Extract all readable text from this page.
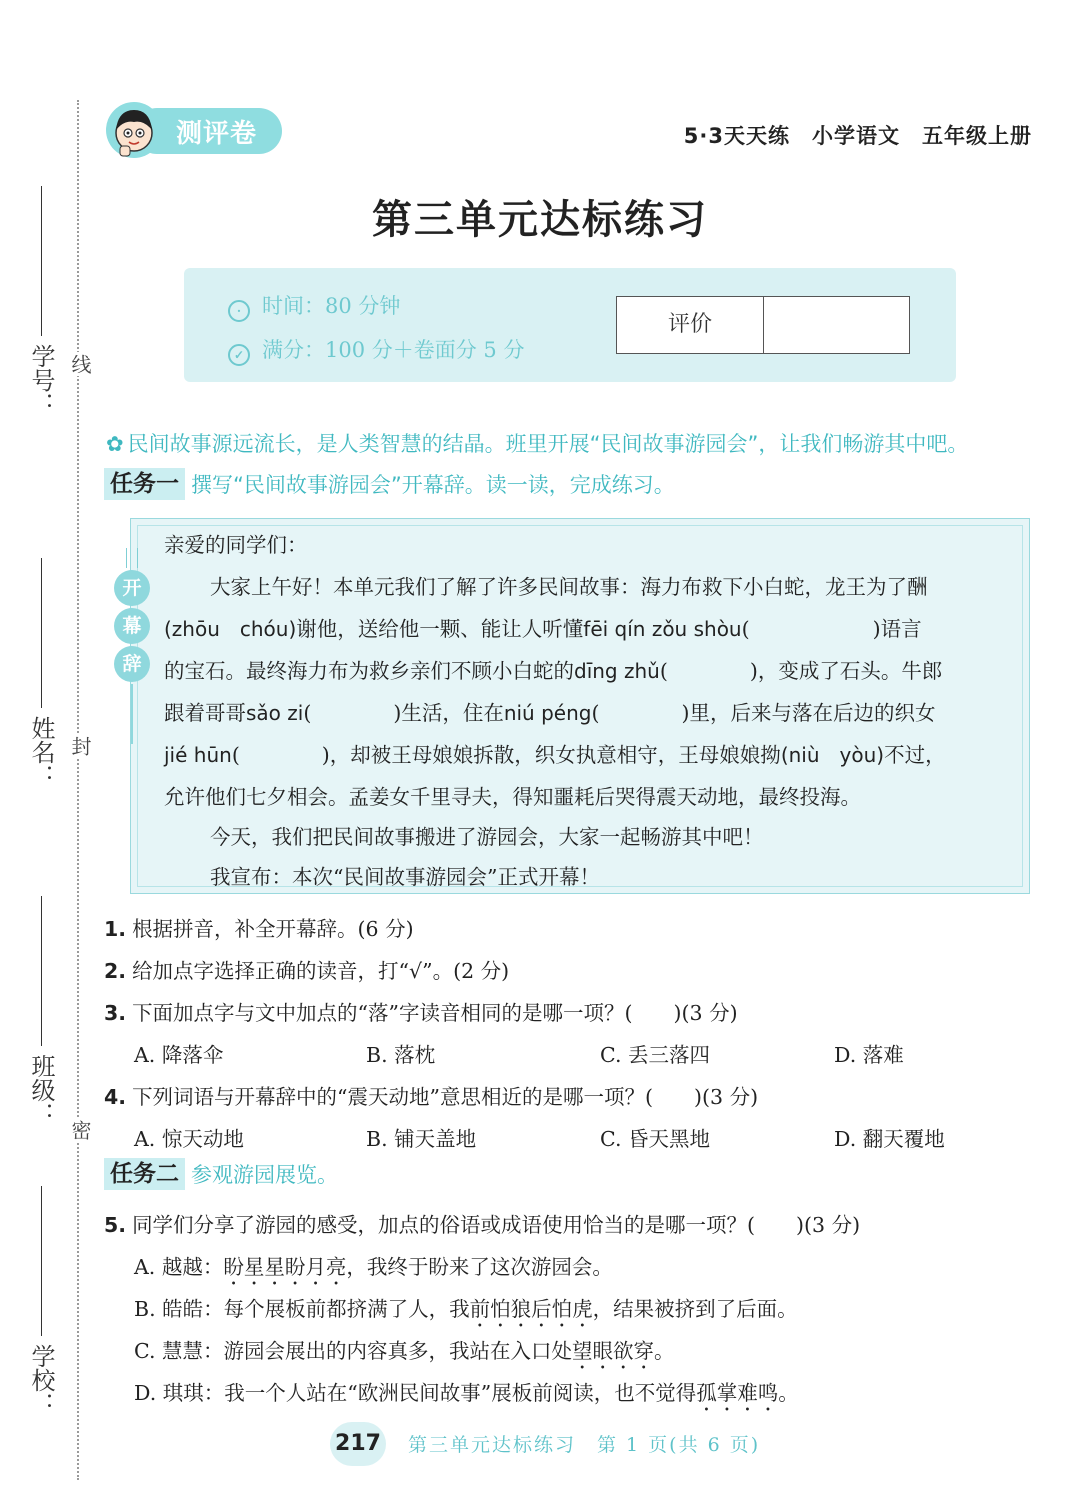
线
封
密
学号：
姓名：
班级：
学校：
测评卷	5·3天天练　小学语文　五年级上册
第三单元达标练习
· 时间：80 分钟
✓ 满分：100 分＋卷面分 5 分
评价
✿ 民间故事源远流长，是人类智慧的结晶。班里开展“民间故事游园会”，让我们畅游其中吧。
任务一 撰写“民间故事游园会”开幕辞。读一读，完成练习。
开
幕
辞
亲爱的同学们：
大家上午好！本单元我们了解了许多民间故事：海力布救下小白蛇，龙王为了酬
(zhōu　chóu)谢他，送给他一颗、能让人听懂fēi qín zǒu shòu(　　　　　　)语言
的宝石。最终海力布为救乡亲们不顾小白蛇的dīng zhǔ(　　　　)，变成了石头。牛郎
跟着哥哥sǎo zi(　　　　)生活，住在niú péng(　　　　)里，后来与落在后边的织女
jié hūn(　　　　)，却被王母娘娘拆散，织女执意相守，王母娘娘拗(niù　yòu)不过，
允许他们七夕相会。孟姜女千里寻夫，得知噩耗后哭得震天动地，最终投海。
今天，我们把民间故事搬进了游园会，大家一起畅游其中吧！
我宣布：本次“民间故事游园会”正式开幕！
1. 根据拼音，补全开幕辞。(6 分)
2. 给加点字选择正确的读音，打“√”。(2 分)
3. 下面加点字与文中加点的“落”字读音相同的是哪一项？(　　)(3 分)
A. 降落伞	B. 落枕	C. 丢三落四	D. 落难
4. 下列词语与开幕辞中的“震天动地”意思相近的是哪一项？(　　)(3 分)
A. 惊天动地	B. 铺天盖地	C. 昏天黑地	D. 翻天覆地
任务二 参观游园展览。
5. 同学们分享了游园的感受，加点的俗语或成语使用恰当的是哪一项？(　　)(3 分)
A. 越越：盼星星盼月亮，我终于盼来了这次游园会。
B. 皓皓：每个展板前都挤满了人，我前怕狼后怕虎，结果被挤到了后面。
C. 慧慧：游园会展出的内容真多，我站在入口处望眼欲穿。
D. 琪琪：我一个人站在“欧洲民间故事”展板前阅读，也不觉得孤掌难鸣。
217 第三单元达标练习　第 1 页(共 6 页)
